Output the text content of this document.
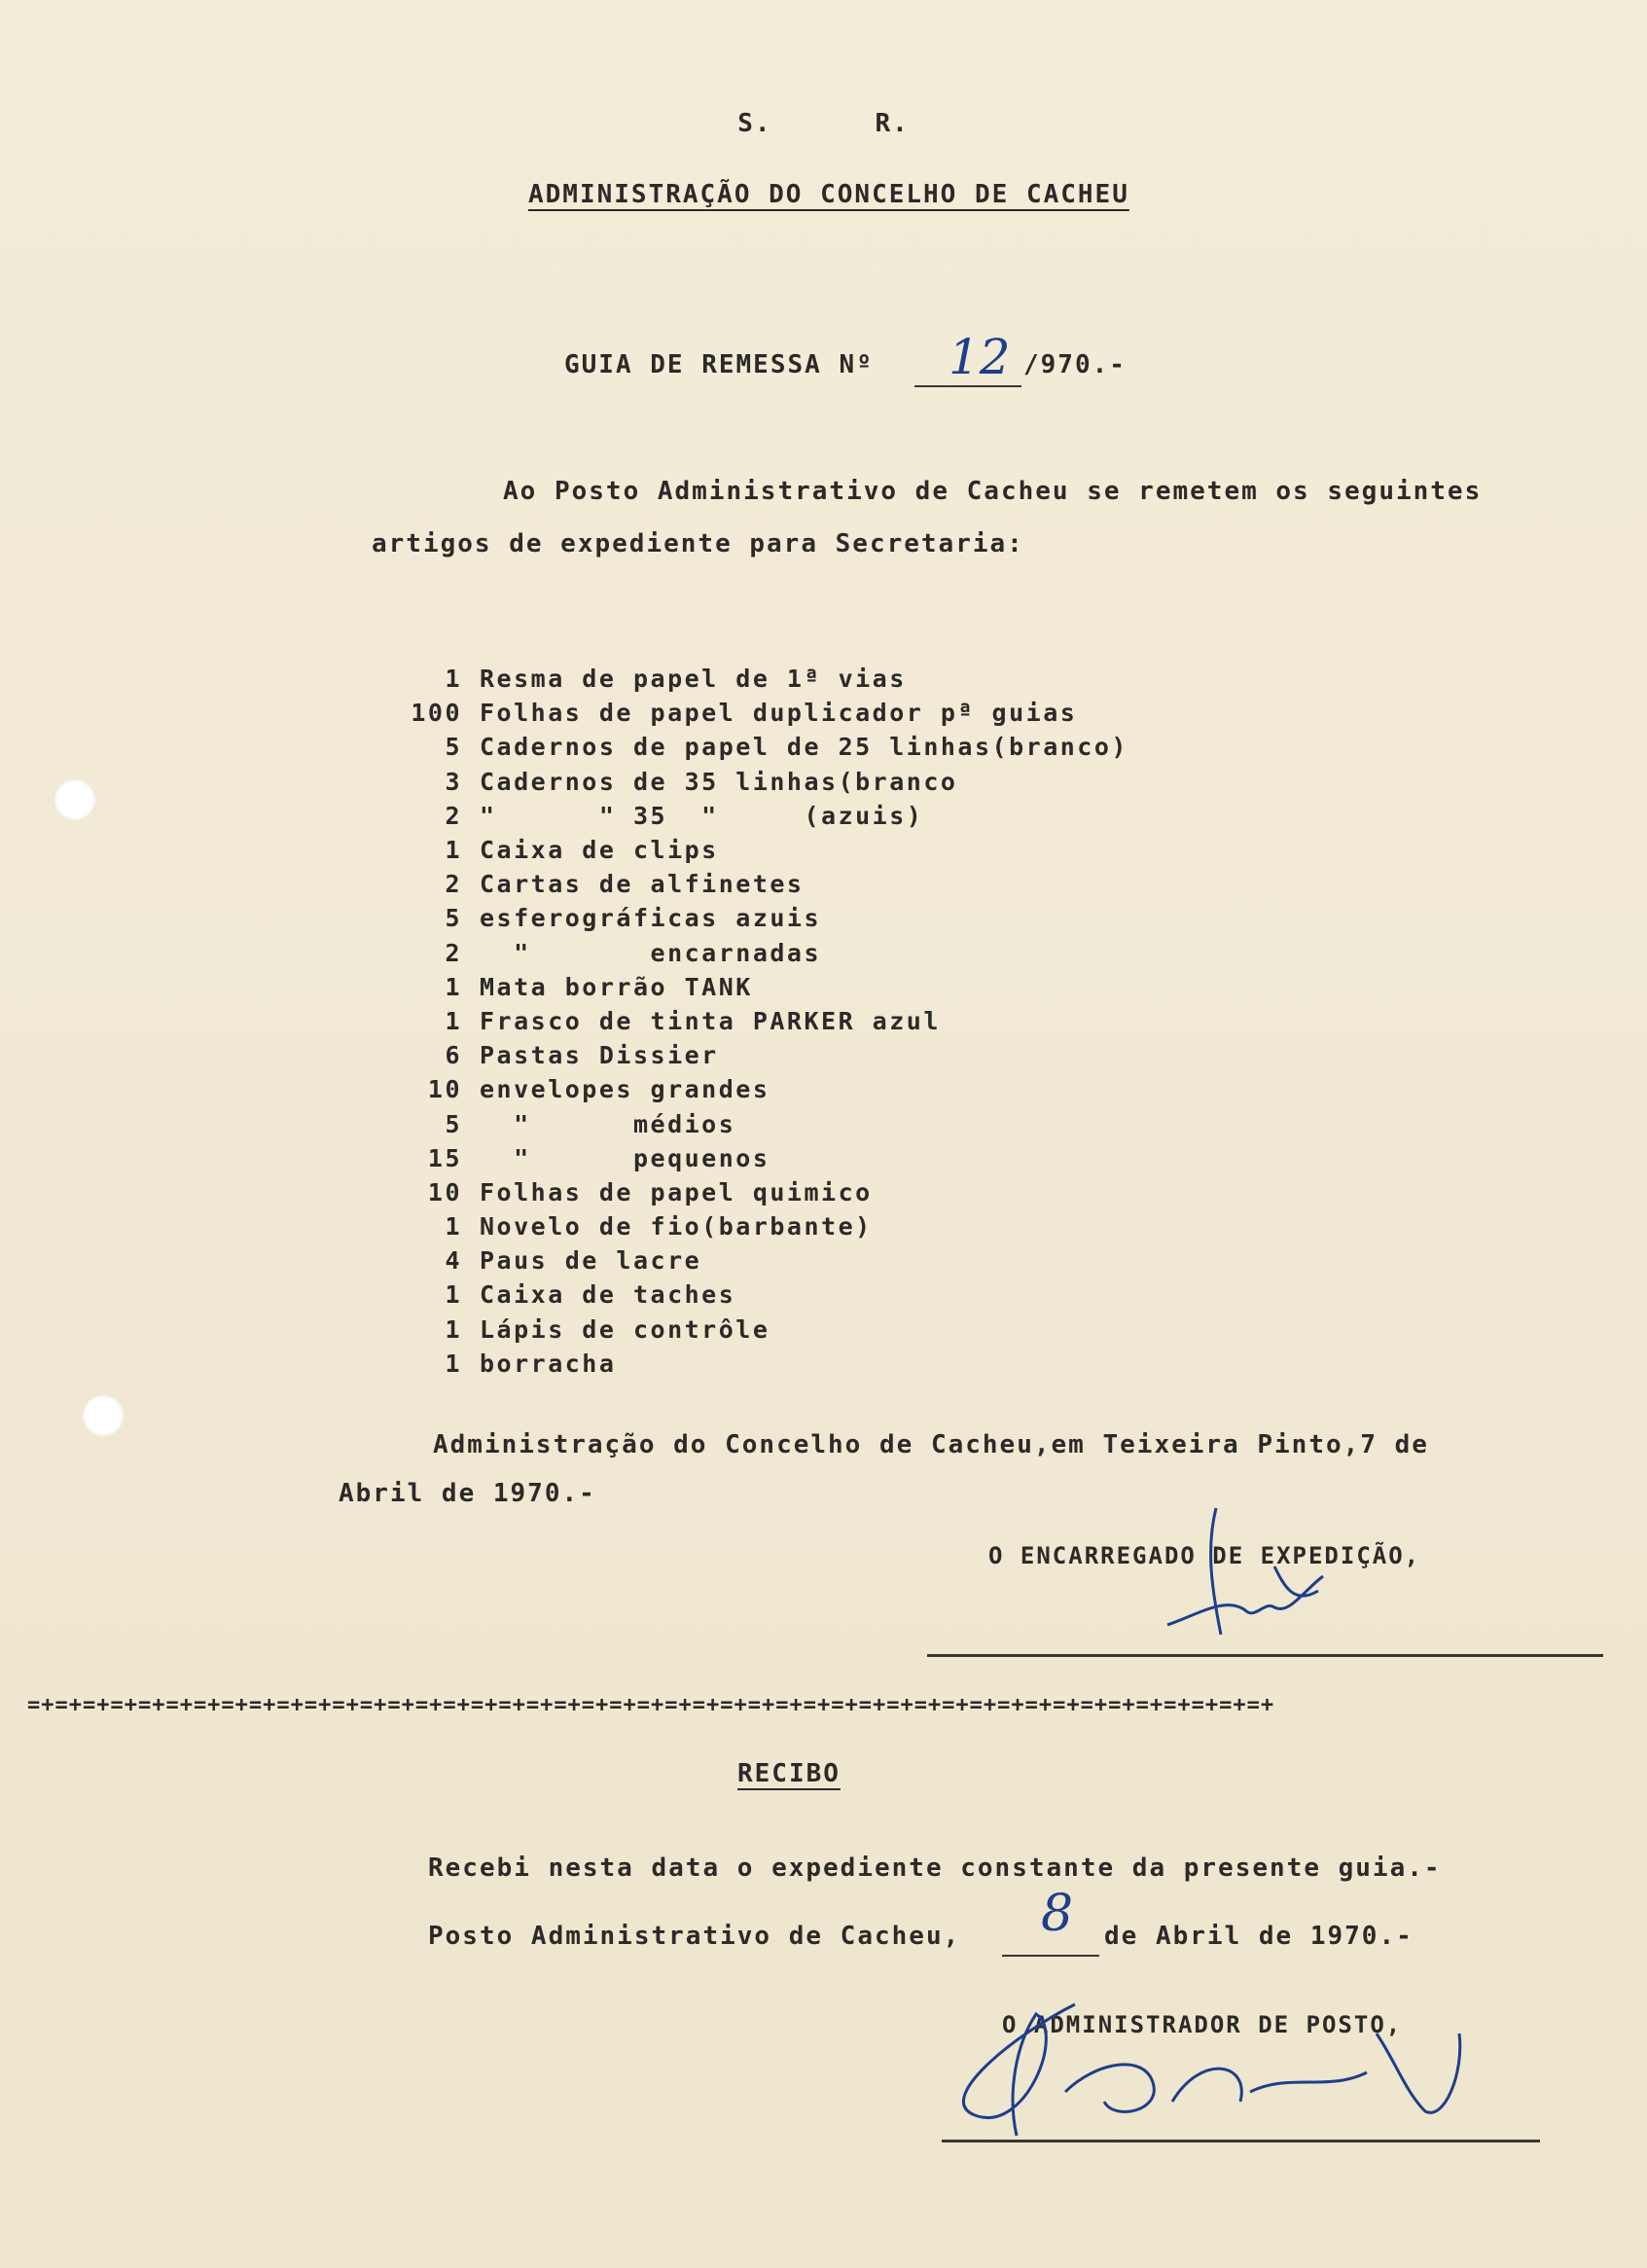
S.      R.
ADMINISTRAÇÃO DO CONCELHO DE CACHEU
GUIA DE REMESSA Nº 12 /970.-
Ao Posto Administrativo de Cacheu se remetem os seguintes
artigos de expediente para Secretaria:
1 Resma de papel de 1ª vias
100 Folhas de papel duplicador pª guias
5 Cadernos de papel de 25 linhas(branco)
3 Cadernos de 35 linhas(branco
2 "      " 35  "     (azuis)
1 Caixa de clips
2 Cartas de alfinetes
5 esferográficas azuis
2 "       encarnadas
1 Mata borrão TANK
1 Frasco de tinta PARKER azul
6 Pastas Dissier
10 envelopes grandes
5 "      médios
15 "      pequenos
10 Folhas de papel quimico
1 Novelo de fio(barbante)
4 Paus de lacre
1 Caixa de taches
1 Lápis de contrôle
1 borracha
Administração do Concelho de Cacheu,em Teixeira Pinto,7 de
Abril de 1970.-
O ENCARREGADO DE EXPEDIÇÃO,
=+=+=+=+=+=+=+=+=+=+=+=+=+=+=+=+=+=+=+=+=+=+=+=+=+=+=+=+=+=+=+=+=+=+=+=+=+=+=+=+=+=+=+=+=+
RECIBO
Recebi nesta data o expediente constante da presente guia.-
Posto Administrativo de Cacheu, 8 de Abril de 1970.-
O ADMINISTRADOR DE POSTO,
